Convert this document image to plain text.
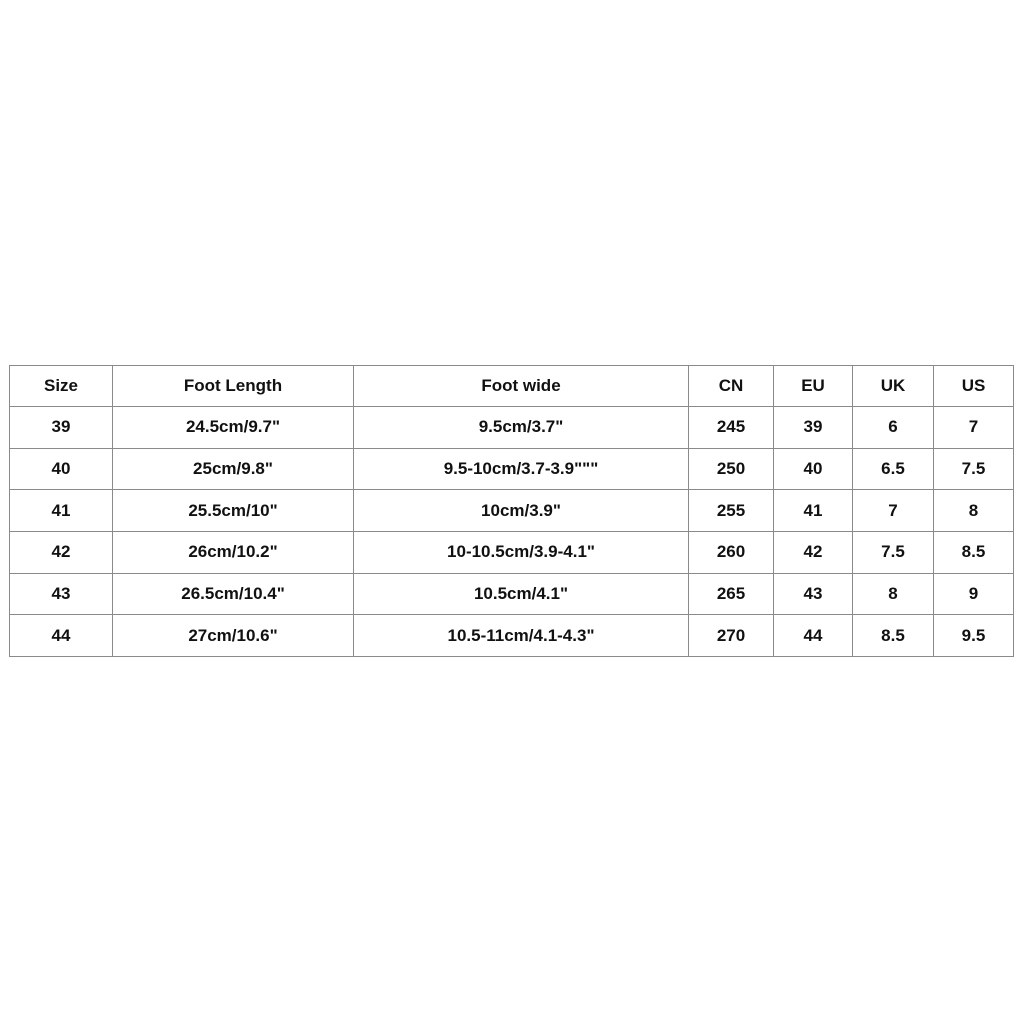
Size	Foot Length	Foot wide	CN	EU	UK	US
39	24.5cm/9.7"	9.5cm/3.7"	245	39	6	7
40	25cm/9.8"	9.5-10cm/3.7-3.9"""	250	40	6.5	7.5
41	25.5cm/10"	10cm/3.9"	255	41	7	8
42	26cm/10.2"	10-10.5cm/3.9-4.1"	260	42	7.5	8.5
43	26.5cm/10.4"	10.5cm/4.1"	265	43	8	9
44	27cm/10.6"	10.5-11cm/4.1-4.3"	270	44	8.5	9.5
